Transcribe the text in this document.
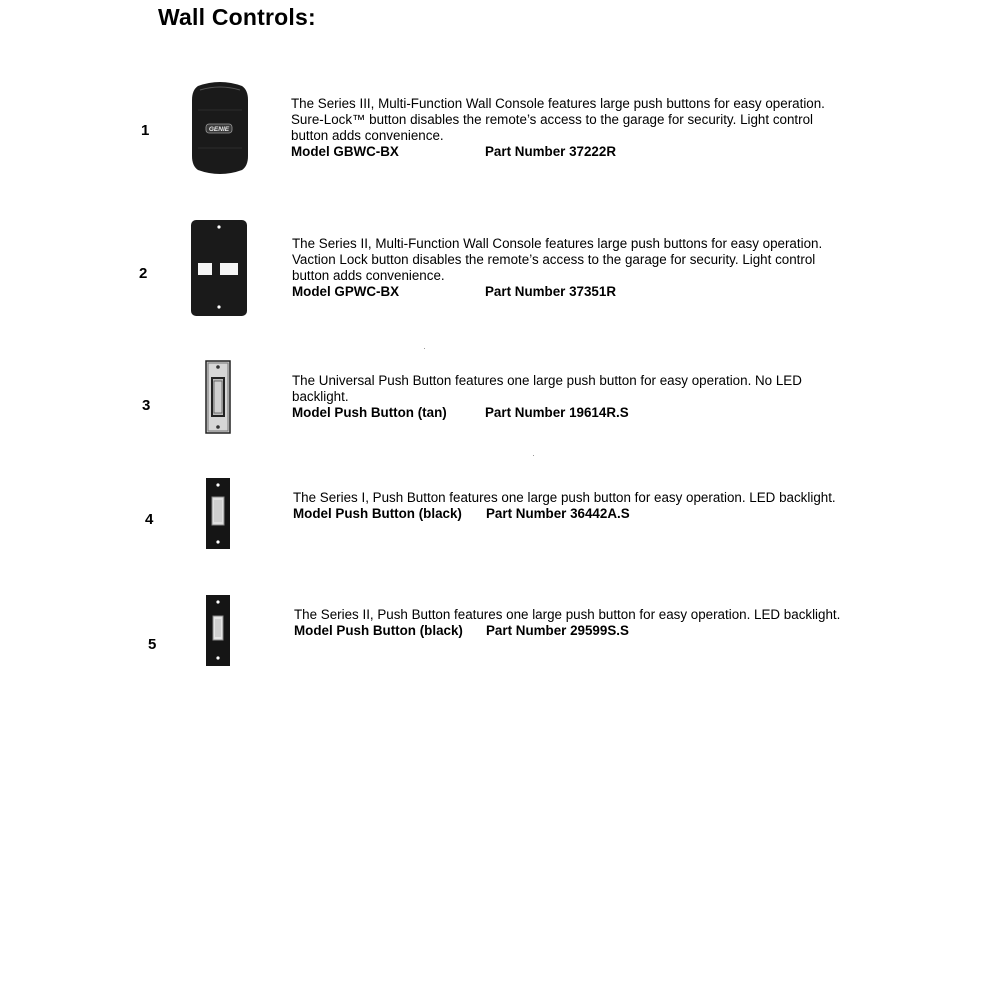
Wall Controls:
1	GENIE
The Series III, Multi-Function Wall Console features large push buttons for easy operation. Sure-Lock™ button disables the remote’s access to the garage for security. Light control button adds convenience.
Model GBWC-BX	Part Number 37222R
2
The Series II, Multi-Function Wall Console features large push buttons for easy operation. Vaction Lock button disables the remote’s access to the garage for security. Light control button adds convenience.
Model GPWC-BX	Part Number 37351R
3
The Universal Push Button features one large push button for easy operation. No LED backlight.
Model Push Button (tan)	Part Number 19614R.S
4
The Series I, Push Button features one large push button for easy operation. LED backlight.
Model Push Button (black) Part Number 36442A.S
5
The Series II, Push Button features one large push button for easy operation. LED backlight.
Model Push Button (black) Part Number 29599S.S
